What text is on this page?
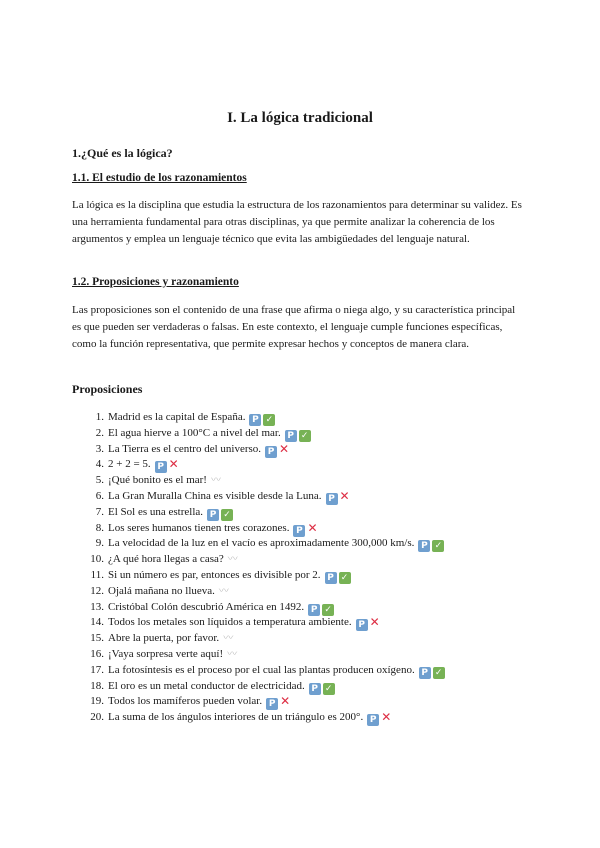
I. La lógica tradicional
1.¿Qué es la lógica?
1.1. El estudio de los razonamientos

La lógica es la disciplina que estudia la estructura de los razonamientos para determinar su validez. Es una herramienta fundamental para otras disciplinas, ya que permite analizar la coherencia de los argumentos y emplea un lenguaje técnico que evita las ambigüedades del lenguaje natural.

1.2. Proposiciones y razonamiento

Las proposiciones son el contenido de una frase que afirma o niega algo, y su característica principal es que pueden ser verdaderas o falsas. En este contexto, el lenguaje cumple funciones específicas, como la función representativa, que permite expresar hechos y conceptos de manera clara.

Proposiciones
1. Madrid es la capital de España. P ✓
2. El agua hierve a 100°C a nivel del mar. P ✓
3. La Tierra es el centro del universo. P ✕
4. 2 + 2 = 5. P ✕
5. ¡Qué bonito es el mar! 〰
6. La Gran Muralla China es visible desde la Luna. P ✕
7. El Sol es una estrella. P ✓
8. Los seres humanos tienen tres corazones. P ✕
9. La velocidad de la luz en el vacío es aproximadamente 300,000 km/s. P ✓
10. ¿A qué hora llegas a casa? 〰
11. Si un número es par, entonces es divisible por 2. P ✓
12. Ojalá mañana no llueva. 〰
13. Cristóbal Colón descubrió América en 1492. P ✓
14. Todos los metales son líquidos a temperatura ambiente. P ✕
15. Abre la puerta, por favor. 〰
16. ¡Vaya sorpresa verte aquí! 〰
17. La fotosíntesis es el proceso por el cual las plantas producen oxígeno. P ✓
18. El oro es un metal conductor de electricidad. P ✓
19. Todos los mamíferos pueden volar. P ✕
20. La suma de los ángulos interiores de un triángulo es 200°. P ✕
